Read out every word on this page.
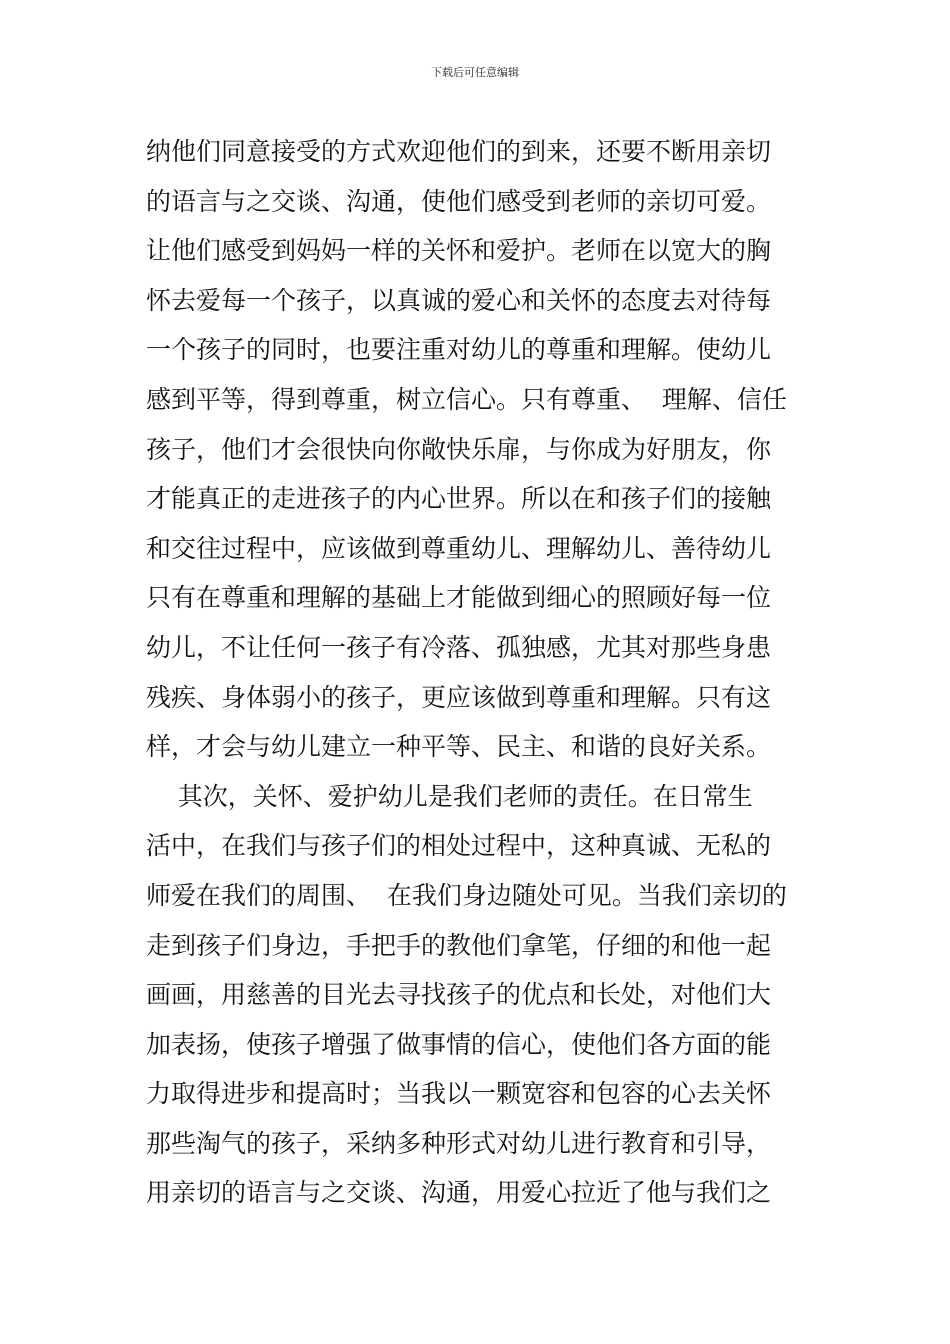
下载后可任意编辑
纳他们同意接受的方式欢迎他们的到来，还要不断用亲切
的语言与之交谈、沟通，使他们感受到老师的亲切可爱。
让他们感受到妈妈一样的关怀和爱护。老师在以宽大的胸
怀去爱每一个孩子，以真诚的爱心和关怀的态度去对待每
一个孩子的同时，也要注重对幼儿的尊重和理解。使幼儿
感到平等，得到尊重，树立信心。只有尊重、  理解、信任
孩子，他们才会很快向你敞快乐扉，与你成为好朋友，你
才能真正的走进孩子的内心世界。所以在和孩子们的接触
和交往过程中，应该做到尊重幼儿、理解幼儿、善待幼儿
只有在尊重和理解的基础上才能做到细心的照顾好每一位
幼儿，不让任何一孩子有冷落、孤独感，尤其对那些身患
残疾、身体弱小的孩子，更应该做到尊重和理解。只有这
样，才会与幼儿建立一种平等、民主、和谐的良好关系。
其次，关怀、爱护幼儿是我们老师的责任。在日常生
活中，在我们与孩子们的相处过程中，这种真诚、无私的
师爱在我们的周围、  在我们身边随处可见。当我们亲切的
走到孩子们身边，手把手的教他们拿笔，仔细的和他一起
画画，用慈善的目光去寻找孩子的优点和长处，对他们大
加表扬，使孩子增强了做事情的信心，使他们各方面的能
力取得进步和提高时；当我以一颗宽容和包容的心去关怀
那些淘气的孩子，采纳多种形式对幼儿进行教育和引导，
用亲切的语言与之交谈、沟通，用爱心拉近了他与我们之
